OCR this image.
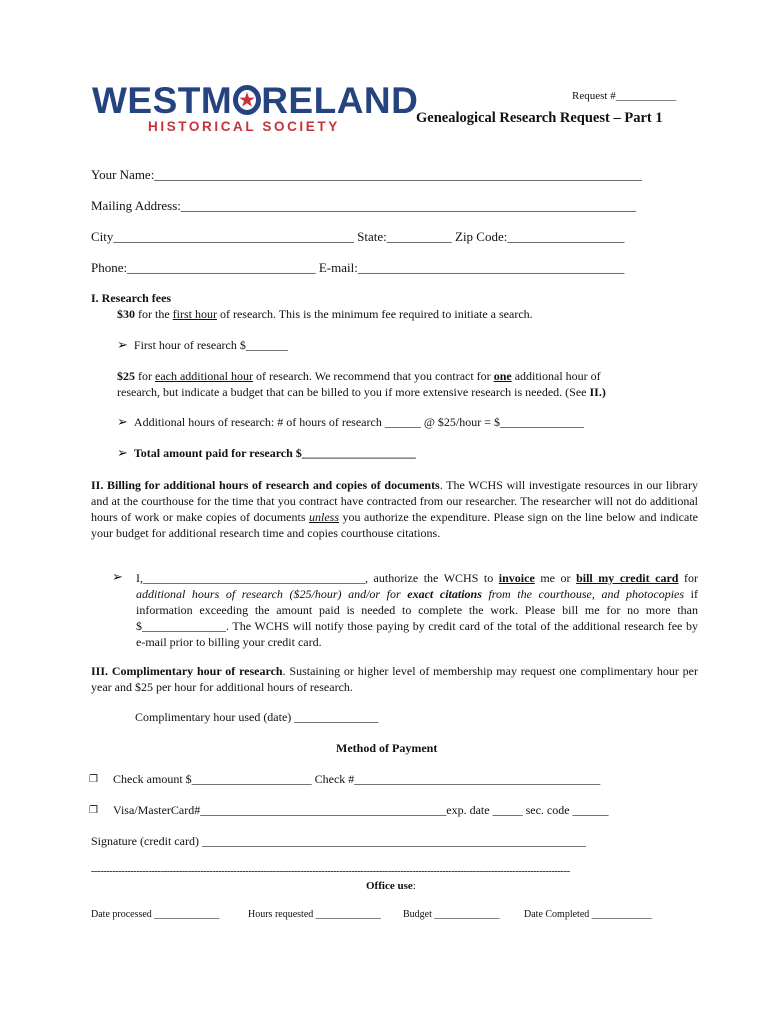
WESTM RELAND
HISTORICAL SOCIETY
Request #___________
Genealogical Research Request – Part 1
Your Name:___________________________________________________________________________
Mailing Address:______________________________________________________________________
City_____________________________________ State:__________ Zip Code:__________________
Phone:_____________________________ E-mail:_________________________________________
I. Research fees
$30 for the first hour of research. This is the minimum fee required to initiate a search.
➢ First hour of research $_______
$25 for each additional hour of research. We recommend that you contract for one additional hour of
research, but indicate a budget that can be billed to you if more extensive research is needed. (See II.)
➢ Additional hours of research: # of hours of research ______ @ $25/hour = $______________
➢ Total amount paid for research $___________________
II. Billing for additional hours of research and copies of documents. The WCHS will investigate resources in our library and at the courthouse for the time that you contract have contracted from our researcher. The researcher will not do additional hours of work or make copies of documents unless you authorize the expenditure. Please sign on the line below and indicate your budget for additional research time and copies courthouse citations.
➢ I,_____________________________________, authorize the WCHS to invoice me or bill my credit card for additional hours of research ($25/hour) and/or for exact citations from the courthouse, and photocopies if information exceeding the amount paid is needed to complete the work. Please bill me for no more than $______________. The WCHS will notify those paying by credit card of the total of the additional research fee by e-mail prior to billing your credit card.
III. Complimentary hour of research. Sustaining or higher level of membership may request one complimentary hour per year and $25 per hour for additional hours of research.
Complimentary hour used (date) ______________
Method of Payment
❐ Check amount $____________________ Check #_________________________________________
❐ Visa/MasterCard#_________________________________________exp. date _____ sec. code ______
Signature (credit card) ________________________________________________________________
--------------------------------------------------------------------------------------------------------------------------------------------------------------
Office use:
Date processed _____________	Hours requested _____________ Budget _____________ Date Completed ____________
